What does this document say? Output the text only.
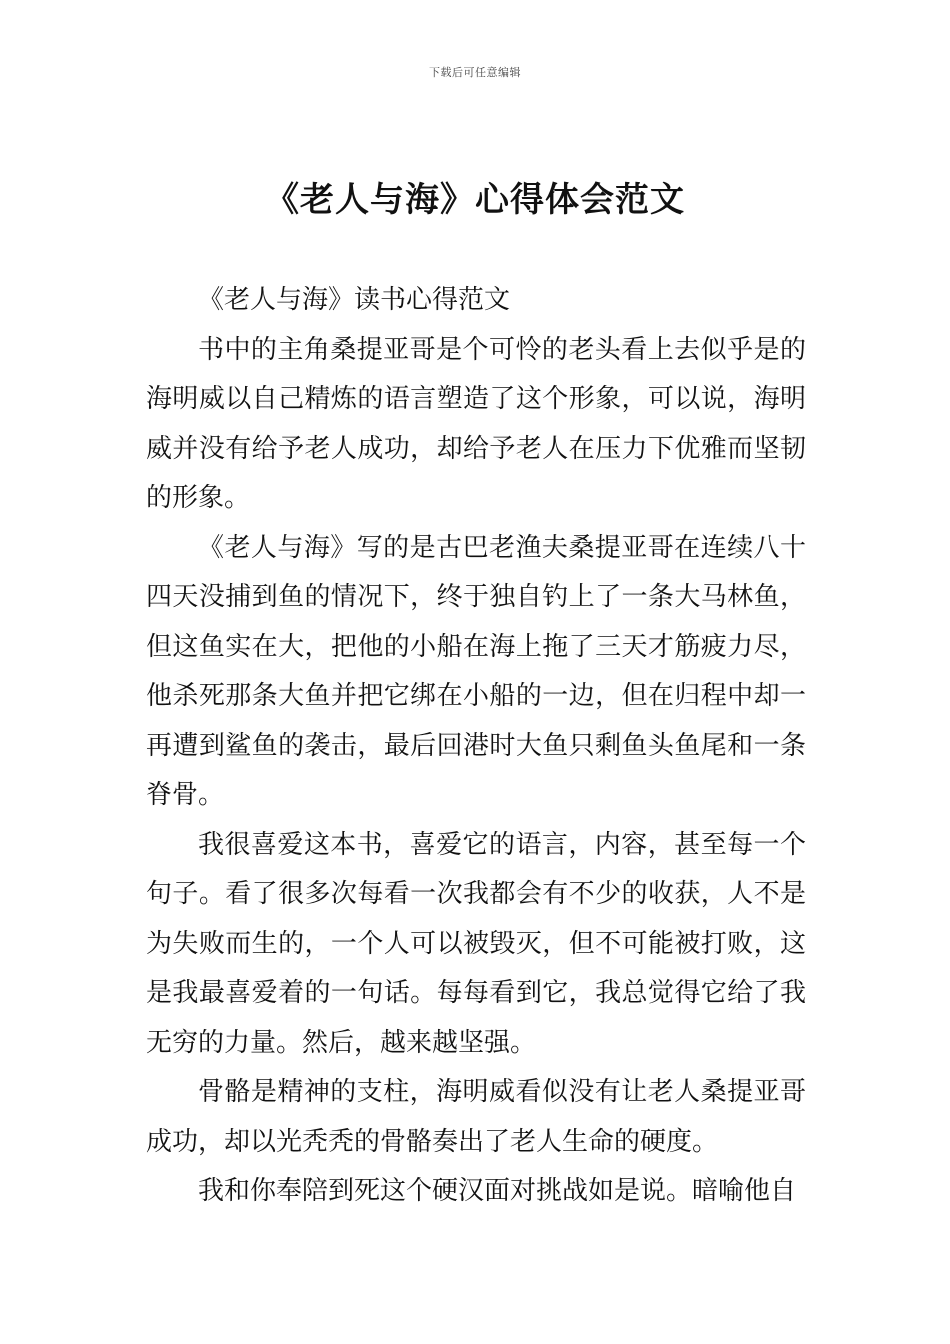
下载后可任意编辑
《老人与海》心得体会范文

《老人与海》读书心得范文

书中的主角桑提亚哥是个可怜的老头看上去似乎是的海明威以自己精炼的语言塑造了这个形象，可以说，海明威并没有给予老人成功，却给予老人在压力下优雅而坚韧的形象。

《老人与海》写的是古巴老渔夫桑提亚哥在连续八十四天没捕到鱼的情况下，终于独自钓上了一条大马林鱼，但这鱼实在大，把他的小船在海上拖了三天才筋疲力尽，他杀死那条大鱼并把它绑在小船的一边，但在归程中却一再遭到鲨鱼的袭击，最后回港时大鱼只剩鱼头鱼尾和一条脊骨。

我很喜爱这本书，喜爱它的语言，内容，甚至每一个句子。看了很多次每看一次我都会有不少的收获，人不是为失败而生的，一个人可以被毁灭，但不可能被打败，这是我最喜爱着的一句话。每每看到它，我总觉得它给了我无穷的力量。然后，越来越坚强。

骨骼是精神的支柱，海明威看似没有让老人桑提亚哥成功，却以光秃秃的骨骼奏出了老人生命的硬度。

我和你奉陪到死这个硬汉面对挑战如是说。暗喻他自
